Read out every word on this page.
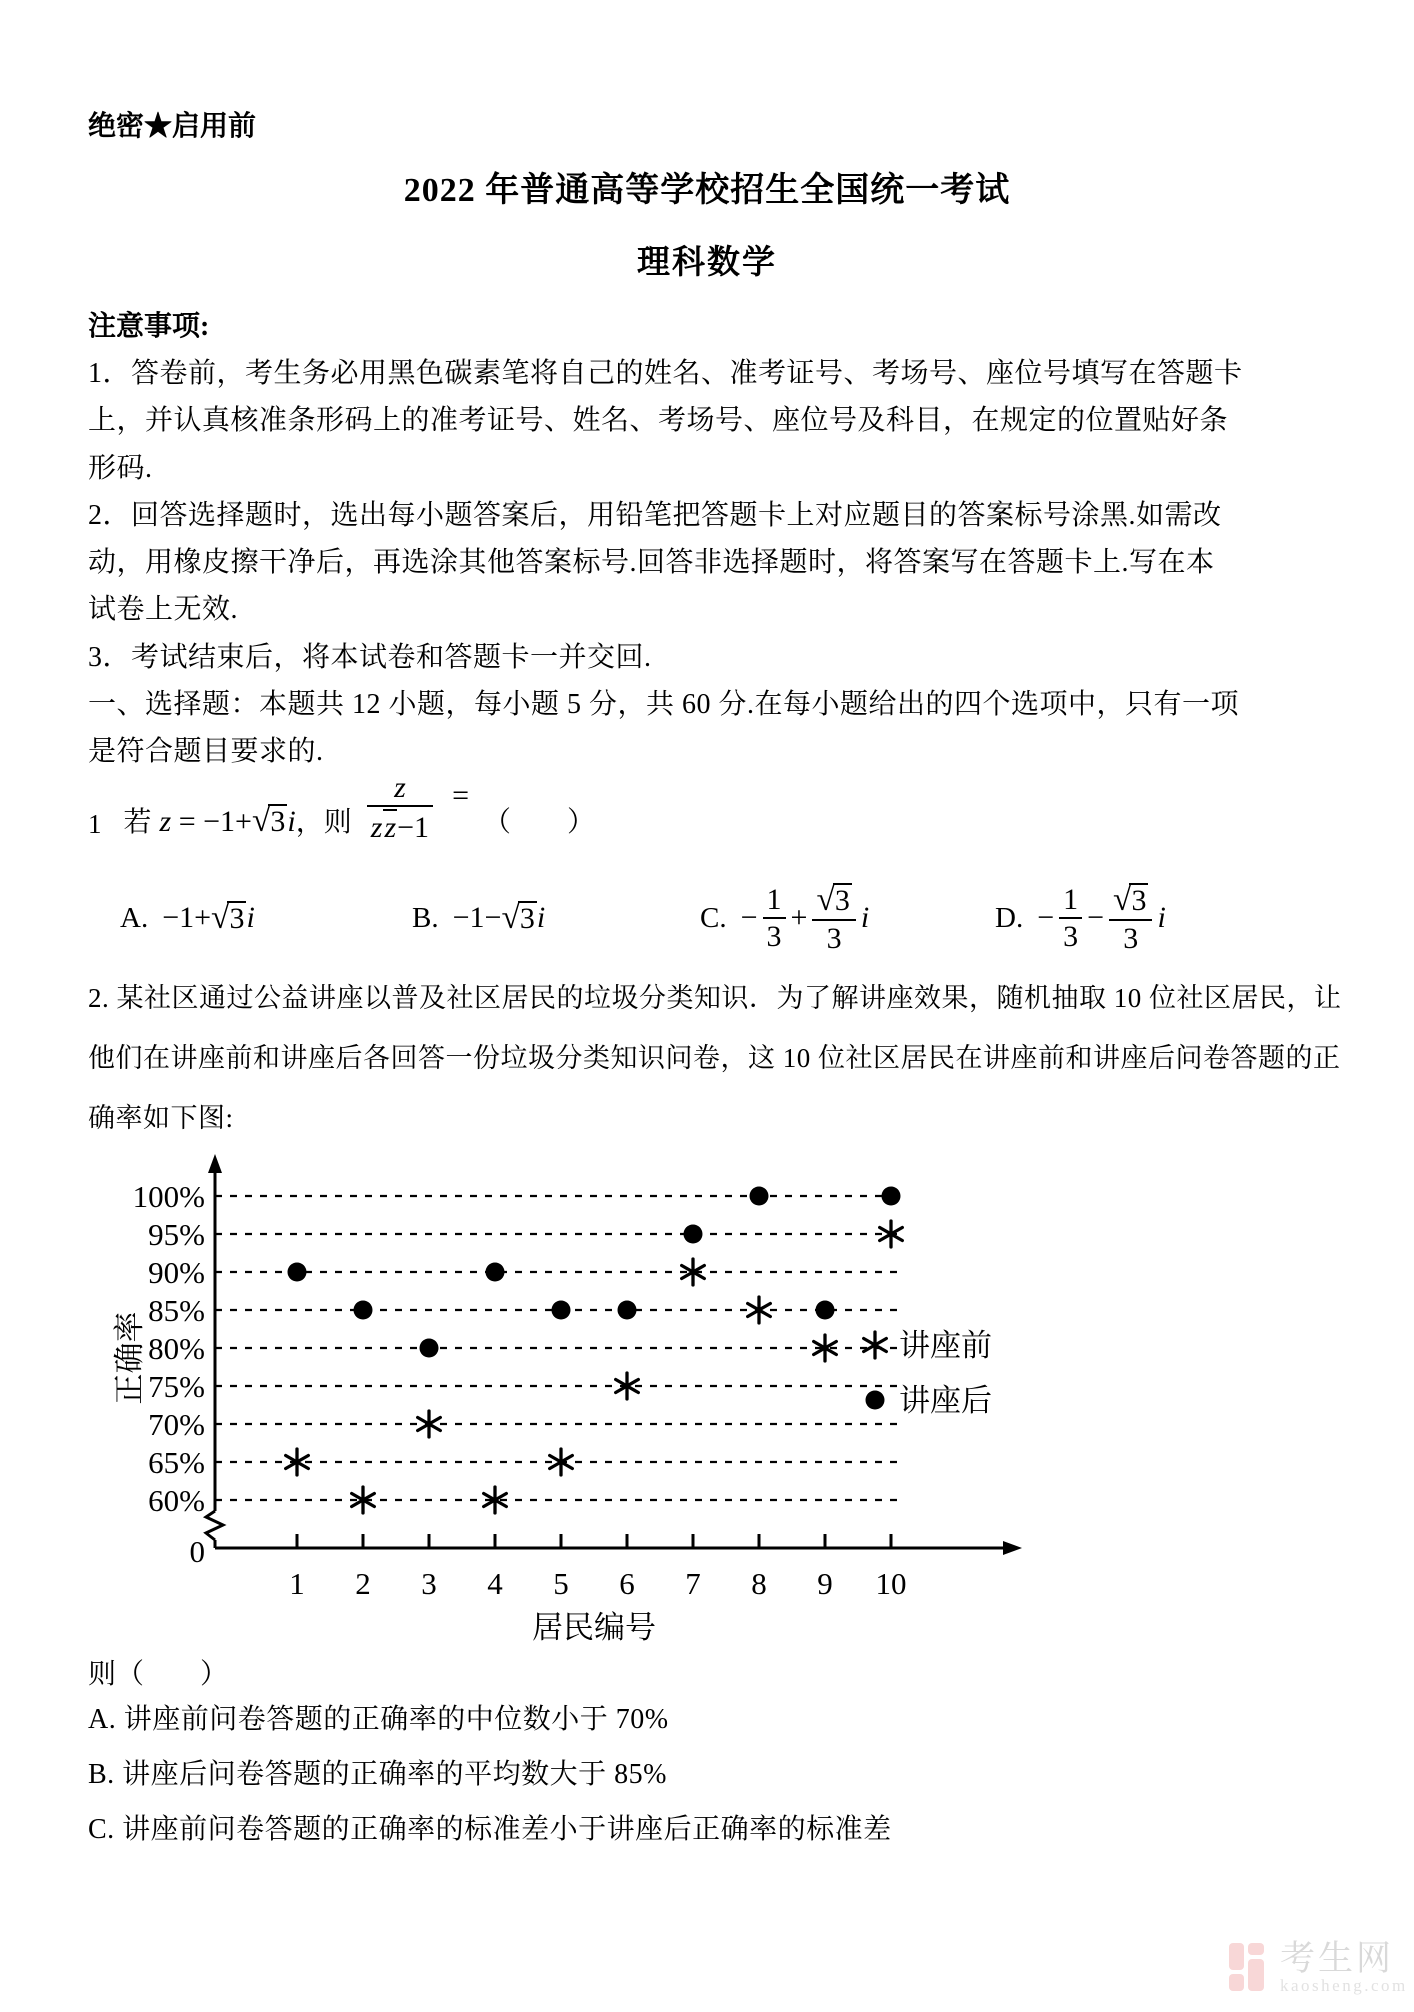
绝密★启用前
2022 年普通高等学校招生全国统一考试
理科数学
注意事项:
1．答卷前，考生务必用黑色碳素笔将自己的姓名、准考证号、考场号、座位号填写在答题卡
上，并认真核准条形码上的准考证号、姓名、考场号、座位号及科目，在规定的位置贴好条
形码.
2．回答选择题时，选出每小题答案后，用铅笔把答题卡上对应题目的答案标号涂黑.如需改
动，用橡皮擦干净后，再选涂其他答案标号.回答非选择题时，将答案写在答题卡上.写在本
试卷上无效.
3．考试结束后，将本试卷和答题卡一并交回.
一、选择题：本题共 12 小题，每小题 5 分，共 60 分.在每小题给出的四个选项中，只有一项
是符合题目要求的.
1 若 z = −1+√3i ，则 $\frac{z}{zz-1}$ =
（　　）
A. −1+ √ 3 i	B. −1− √ 3 i	C. − $\frac{1}{3} + \frac{√3}{3}$ i	D. − $\frac{1}{3} - \frac{√3}{3}$ i
2. 某社区通过公益讲座以普及社区居民的垃圾分类知识．为了解讲座效果，随机抽取 10 位社区居民，让
他们在讲座前和讲座后各回答一份垃圾分类知识问卷，这 10 位社区居民在讲座前和讲座后问卷答题的正
确率如下图:
100%
95%
90%
85%
80%
75%
70%
65%
60%
1 2 3 4 5 6 7 8 9 10
0
居民编号
正确率	讲座前
讲座后
则（　　）
A. 讲座前问卷答题的正确率的中位数小于 70%
B. 讲座后问卷答题的正确率的平均数大于 85%
C. 讲座前问卷答题的正确率的标准差小于讲座后正确率的标准差

考生网
kaosheng.com
